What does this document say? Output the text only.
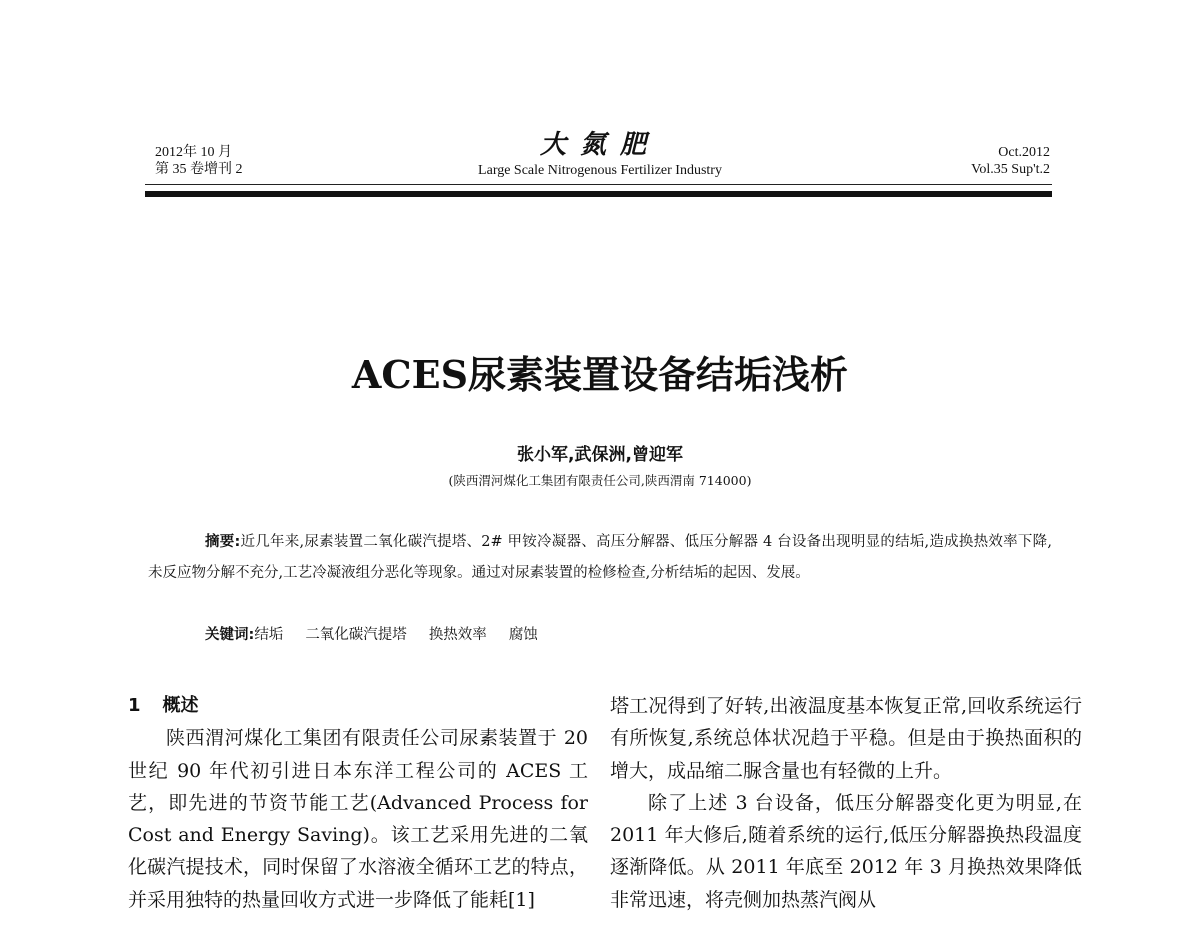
2012年 10 月
第 35 卷增刊 2
大氮肥
Large Scale Nitrogenous Fertilizer Industry
Oct.2012
Vol.35 Sup't.2
ACES尿素装置设备结垢浅析
张小军,武保洲,曾迎军
(陕西渭河煤化工集团有限责任公司,陕西渭南 714000)
摘要:近几年来,尿素装置二氧化碳汽提塔、2# 甲铵冷凝器、高压分解器、低压分解器 4 台设备出现明显的结垢,造成换热效率下降,未反应物分解不充分,工艺冷凝液组分恶化等现象。通过对尿素装置的检修检查,分析结垢的起因、发展。
关键词:结垢 二氧化碳汽提塔 换热效率 腐蚀

1 概述

陕西渭河煤化工集团有限责任公司尿素装置于 20 世纪 90 年代初引进日本东洋工程公司的 ACES 工艺，即先进的节资节能工艺(Advanced Process for Cost and Energy Saving)。该工艺采用先进的二氧化碳汽提技术，同时保留了水溶液全循环工艺的特点，并采用独特的热量回收方式进一步降低了能耗[1]

塔工况得到了好转,出液温度基本恢复正常,回收系统运行有所恢复,系统总体状况趋于平稳。但是由于换热面积的增大，成品缩二脲含量也有轻微的上升。

除了上述 3 台设备，低压分解器变化更为明显,在 2011 年大修后,随着系统的运行,低压分解器换热段温度逐渐降低。从 2011 年底至 2012 年 3 月换热效果降低非常迅速，将壳侧加热蒸汽阀从
